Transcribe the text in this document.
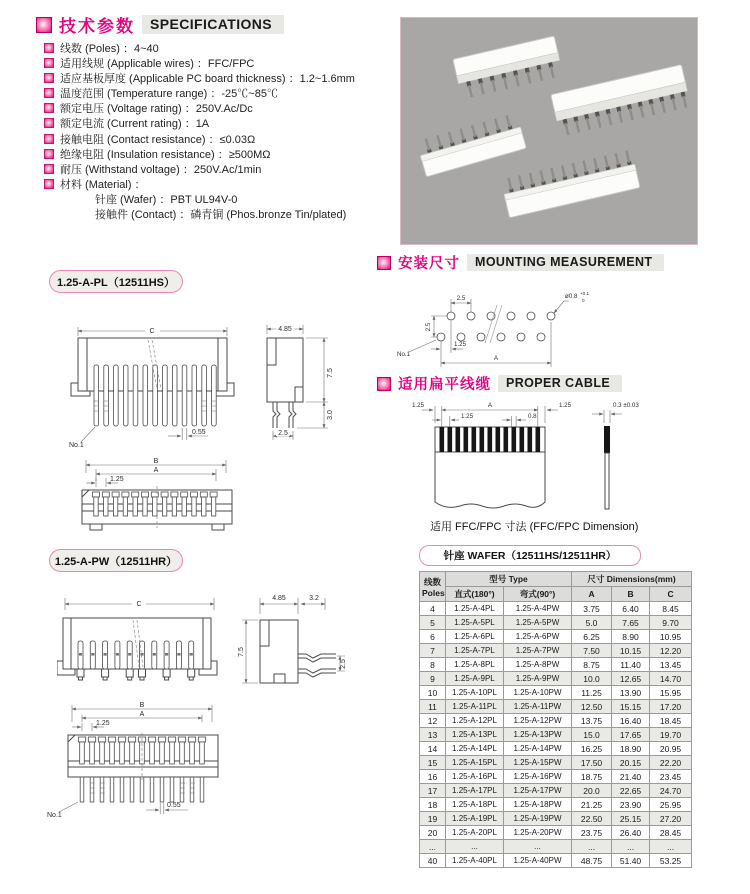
技术参数	SPECIFICATIONS
线数 (Poles) ：4~40
适用线规 (Applicable wires) ：FFC/FPC
适应基板厚度 (Applicable PC board thickness) ：1.2~1.6mm
温度范围 (Temperature range) ：-25℃~85℃
额定电压 (Voltage rating) ：250V.Ac/Dc
额定电流 (Current rating) ：1A
接触电阻 (Contact resistance) ：≤0.03Ω
绝缘电阻 (Insulation resistance) ：≥500MΩ
耐压 (Withstand voltage) ：250V.Ac/1min
材料 (Material) ：
针座 (Wafer) ：PBT UL94V-0
接触件 (Contact) ：磷青铜 (Phos.bronze Tin/plated)
1.25-A-PL（12511HS）
C
No.1
0.55
4.85
7.5
3.0
2.5
B
A
1.25
1.25-A-PW（12511HR）
C
4.85	3.2
7.5
2.5
B
A
1.25
No.1
0.55
安装尺寸	MOUNTING MEASUREMENT
2.5
2.5
1.25
A
ø0.8 +0.1
0
No.1
适用扁平线缆	PROPER CABLE
1.25	A	1.25
1.25	0.8
0.3 ±0.03
适用 FFC/FPC 寸法 (FFC/FPC Dimension)
针座 WAFER（12511HS/12511HR）
线数
Poles	型号 Type		尺寸 Dimensions(mm)		
	直式(180°)	弯式(90°)	A	B	C
4	1.25-A-4PL	1.25-A-4PW	3.75	6.40	8.45
5	1.25-A-5PL	1.25-A-5PW	5.0	7.65	9.70
6	1.25-A-6PL	1.25-A-6PW	6.25	8.90	10.95
7	1.25-A-7PL	1.25-A-7PW	7.50	10.15	12.20
8	1.25-A-8PL	1.25-A-8PW	8.75	11.40	13.45
9	1.25-A-9PL	1.25-A-9PW	10.0	12.65	14.70
10	1.25-A-10PL	1.25-A-10PW	11.25	13.90	15.95
11	1.25-A-11PL	1.25-A-11PW	12.50	15.15	17.20
12	1.25-A-12PL	1.25-A-12PW	13.75	16.40	18.45
13	1.25-A-13PL	1.25-A-13PW	15.0	17.65	19.70
14	1.25-A-14PL	1.25-A-14PW	16.25	18.90	20.95
15	1.25-A-15PL	1.25-A-15PW	17.50	20.15	22.20
16	1.25-A-16PL	1.25-A-16PW	18.75	21.40	23.45
17	1.25-A-17PL	1.25-A-17PW	20.0	22.65	24.70
18	1.25-A-18PL	1.25-A-18PW	21.25	23.90	25.95
19	1.25-A-19PL	1.25-A-19PW	22.50	25.15	27.20
20	1.25-A-20PL	1.25-A-20PW	23.75	26.40	28.45
...	...	...	...	...	...
40	1.25-A-40PL	1.25-A-40PW	48.75	51.40	53.25
